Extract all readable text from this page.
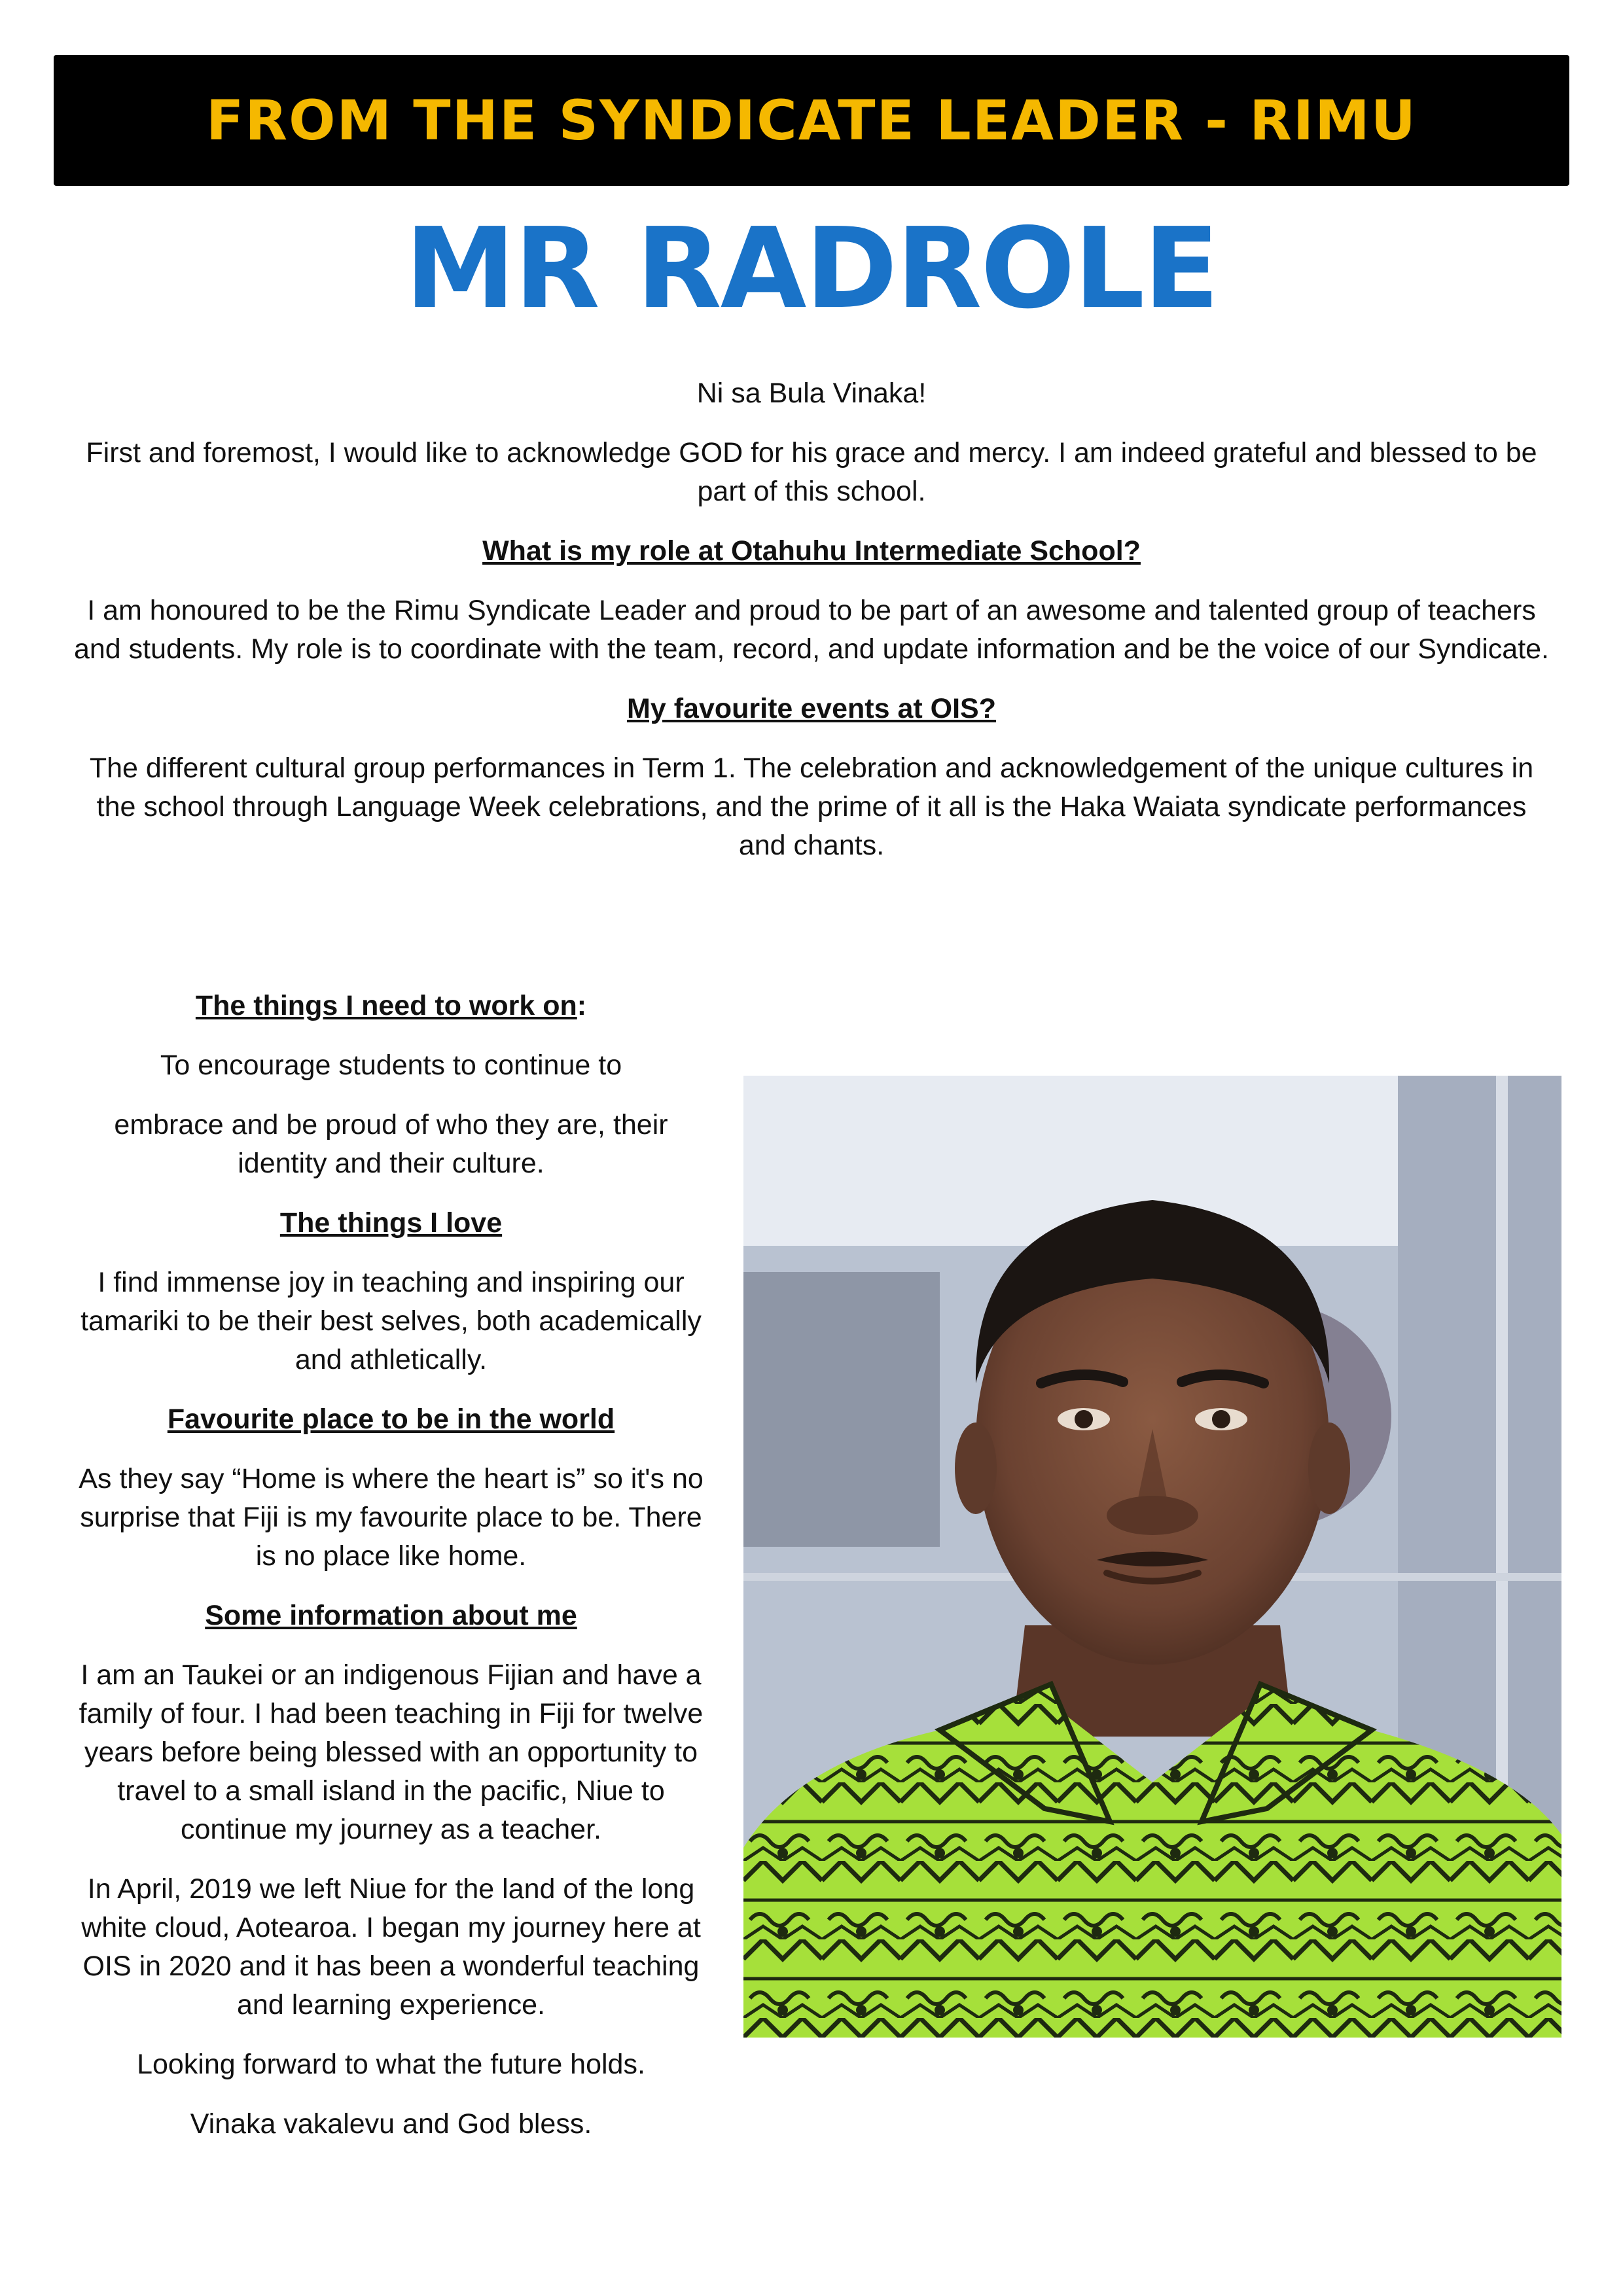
FROM THE SYNDICATE LEADER - RIMU
MR RADROLE

Ni sa Bula Vinaka!

First and foremost, I would like to acknowledge GOD for his grace and mercy. I am indeed grateful and blessed to be part of this school.

What is my role at Otahuhu Intermediate School?

I am honoured to be the Rimu Syndicate Leader and proud to be part of an awesome and talented group of teachers and students. My role is to coordinate with the team, record, and update information and be the voice of our Syndicate.

My favourite events at OIS?

The different cultural group performances in Term 1. The celebration and acknowledgement of the unique cultures in the school through Language Week celebrations, and the prime of it all is the Haka Waiata syndicate performances and chants.

The things I need to work on:

To encourage students to continue to

embrace and be proud of who they are, their identity and their culture.

The things I love

I find immense joy in teaching and inspiring our tamariki to be their best selves, both academically and athletically.

Favourite place to be in the world

As they say “Home is where the heart is” so it's no surprise that Fiji is my favourite place to be. There is no place like home.

Some information about me

I am an Taukei or an indigenous Fijian and have a family of four. I had been teaching in Fiji for twelve years before being blessed with an opportunity to travel to a small island in the pacific, Niue to continue my journey as a teacher.

In April, 2019 we left Niue for the land of the long white cloud, Aotearoa. I began my journey here at OIS in 2020 and it has been a wonderful teaching and learning experience.

Looking forward to what the future holds.

Vinaka vakalevu and God bless.
